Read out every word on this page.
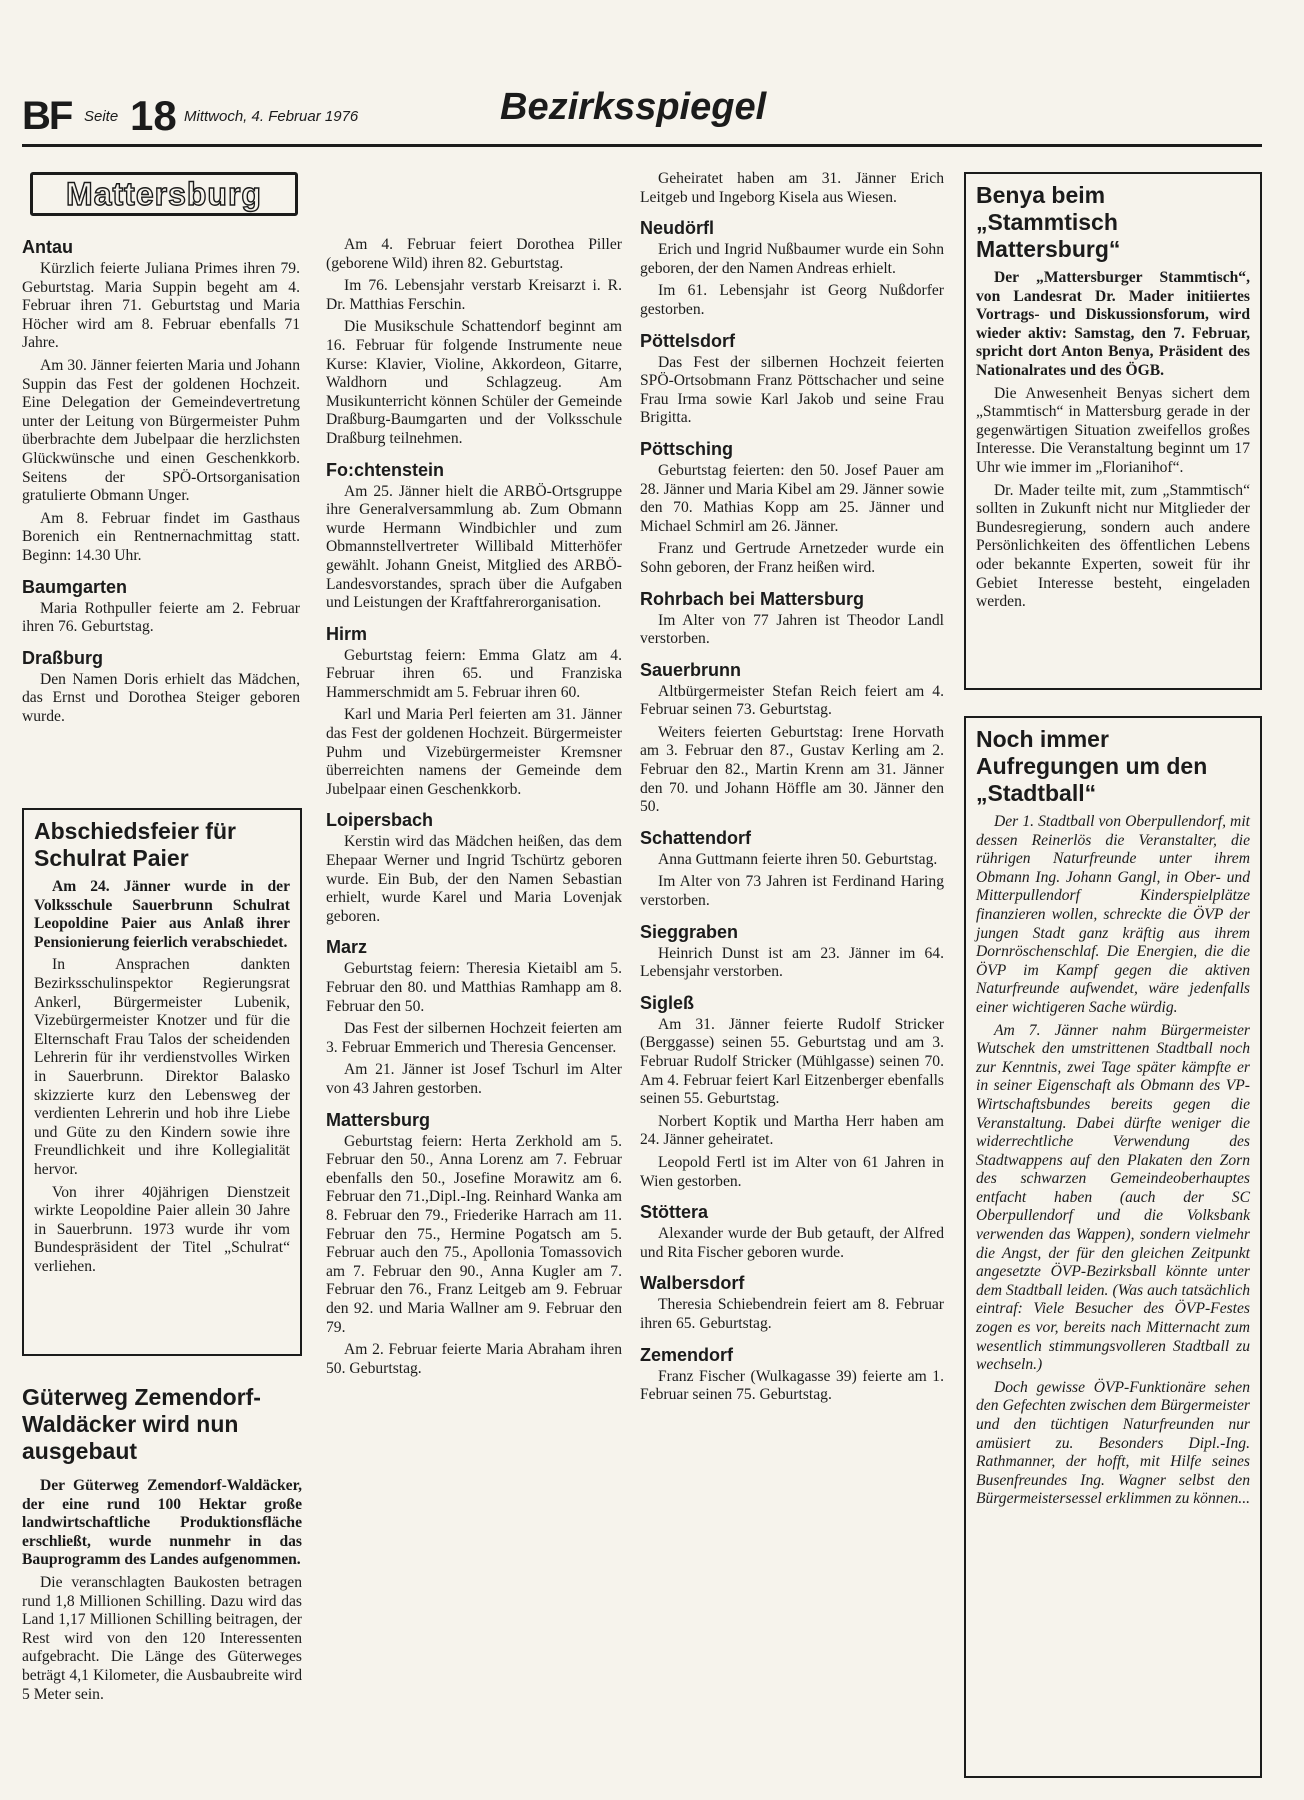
BF Seite 18 Mittwoch, 4. Februar 1976	Bezirksspiegel
Mattersburg
Antau

Kürzlich feierte Juliana Primes ihren 79. Geburtstag. Maria Suppin begeht am 4. Februar ihren 71. Geburtstag und Maria Höcher wird am 8. Februar ebenfalls 71 Jahre.

Am 30. Jänner feierten Maria und Johann Suppin das Fest der goldenen Hochzeit. Eine Delegation der Gemeindevertretung unter der Leitung von Bürgermeister Puhm überbrachte dem Jubelpaar die herzlichsten Glückwünsche und einen Geschenkkorb. Seitens der SPÖ-Ortsorganisation gratulierte Obmann Unger.

Am 8. Februar findet im Gasthaus Borenich ein Rentnernachmittag statt. Beginn: 14.30 Uhr.

Baumgarten

Maria Rothpuller feierte am 2. Februar ihren 76. Geburtstag.

Draßburg

Den Namen Doris erhielt das Mädchen, das Ernst und Dorothea Steiger geboren wurde.

Abschiedsfeier für Schulrat Paier

Am 24. Jänner wurde in der Volksschule Sauerbrunn Schulrat Leopoldine Paier aus Anlaß ihrer Pensionierung feierlich verabschiedet.

In Ansprachen dankten Bezirksschulinspektor Regierungsrat Ankerl, Bürgermeister Lubenik, Vizebürgermeister Knotzer und für die Elternschaft Frau Talos der scheidenden Lehrerin für ihr verdienstvolles Wirken in Sauerbrunn. Direktor Balasko skizzierte kurz den Lebensweg der verdienten Lehrerin und hob ihre Liebe und Güte zu den Kindern sowie ihre Freundlichkeit und ihre Kollegialität hervor.

Von ihrer 40jährigen Dienstzeit wirkte Leopoldine Paier allein 30 Jahre in Sauerbrunn. 1973 wurde ihr vom Bundespräsident der Titel „Schulrat“ verliehen.

Güterweg Zemendorf-Waldäcker wird nun ausgebaut

Der Güterweg Zemendorf-Waldäcker, der eine rund 100 Hektar große landwirtschaftliche Produktionsfläche erschließt, wurde nunmehr in das Bauprogramm des Landes aufgenommen.

Die veranschlagten Baukosten betragen rund 1,8 Millionen Schilling. Dazu wird das Land 1,17 Millionen Schilling beitragen, der Rest wird von den 120 Interessenten aufgebracht. Die Länge des Güterweges beträgt 4,1 Kilometer, die Ausbaubreite wird 5 Meter sein.

Am 4. Februar feiert Dorothea Piller (geborene Wild) ihren 82. Geburtstag.

Im 76. Lebensjahr verstarb Kreisarzt i. R. Dr. Matthias Ferschin.

Die Musikschule Schattendorf beginnt am 16. Februar für folgende Instrumente neue Kurse: Klavier, Violine, Akkordeon, Gitarre, Waldhorn und Schlagzeug. Am Musikunterricht können Schüler der Gemeinde Draßburg-Baumgarten und der Volksschule Draßburg teilnehmen.

Fo:chtenstein

Am 25. Jänner hielt die ARBÖ-Ortsgruppe ihre Generalversammlung ab. Zum Obmann wurde Hermann Windbichler und zum Obmannstellvertreter Willibald Mitterhöfer gewählt. Johann Gneist, Mitglied des ARBÖ-Landesvorstandes, sprach über die Aufgaben und Leistungen der Kraftfahrerorganisation.

Hirm

Geburtstag feiern: Emma Glatz am 4. Februar ihren 65. und Franziska Hammerschmidt am 5. Februar ihren 60.

Karl und Maria Perl feierten am 31. Jänner das Fest der goldenen Hochzeit. Bürgermeister Puhm und Vizebürgermeister Kremsner überreichten namens der Gemeinde dem Jubelpaar einen Geschenkkorb.

Loipersbach

Kerstin wird das Mädchen heißen, das dem Ehepaar Werner und Ingrid Tschürtz geboren wurde. Ein Bub, der den Namen Sebastian erhielt, wurde Karel und Maria Lovenjak geboren.

Marz

Geburtstag feiern: Theresia Kietaibl am 5. Februar den 80. und Matthias Ramhapp am 8. Februar den 50.

Das Fest der silbernen Hochzeit feierten am 3. Februar Emmerich und Theresia Gencenser.

Am 21. Jänner ist Josef Tschurl im Alter von 43 Jahren gestorben.

Mattersburg

Geburtstag feiern: Herta Zerkhold am 5. Februar den 50., Anna Lorenz am 7. Februar ebenfalls den 50., Josefine Morawitz am 6. Februar den 71.,Dipl.-Ing. Reinhard Wanka am 8. Februar den 79., Friederike Harrach am 11. Februar den 75., Hermine Pogatsch am 5. Februar auch den 75., Apollonia Tomassovich am 7. Februar den 90., Anna Kugler am 7. Februar den 76., Franz Leitgeb am 9. Februar den 92. und Maria Wallner am 9. Februar den 79.

Am 2. Februar feierte Maria Abraham ihren 50. Geburtstag.

Geheiratet haben am 31. Jänner Erich Leitgeb und Ingeborg Kisela aus Wiesen.

Neudörfl

Erich und Ingrid Nußbaumer wurde ein Sohn geboren, der den Namen Andreas erhielt.

Im 61. Lebensjahr ist Georg Nußdorfer gestorben.

Pöttelsdorf

Das Fest der silbernen Hochzeit feierten SPÖ-Ortsobmann Franz Pöttschacher und seine Frau Irma sowie Karl Jakob und seine Frau Brigitta.

Pöttsching

Geburtstag feierten: den 50. Josef Pauer am 28. Jänner und Maria Kibel am 29. Jänner sowie den 70. Mathias Kopp am 25. Jänner und Michael Schmirl am 26. Jänner.

Franz und Gertrude Arnetzeder wurde ein Sohn geboren, der Franz heißen wird.

Rohrbach bei Mattersburg

Im Alter von 77 Jahren ist Theodor Landl verstorben.

Sauerbrunn

Altbürgermeister Stefan Reich feiert am 4. Februar seinen 73. Geburtstag.

Weiters feierten Geburtstag: Irene Horvath am 3. Februar den 87., Gustav Kerling am 2. Februar den 82., Martin Krenn am 31. Jänner den 70. und Johann Höffle am 30. Jänner den 50.

Schattendorf

Anna Guttmann feierte ihren 50. Geburtstag.

Im Alter von 73 Jahren ist Ferdinand Haring verstorben.

Sieggraben

Heinrich Dunst ist am 23. Jänner im 64. Lebensjahr verstorben.

Sigleß

Am 31. Jänner feierte Rudolf Stricker (Berggasse) seinen 55. Geburtstag und am 3. Februar Rudolf Stricker (Mühlgasse) seinen 70. Am 4. Februar feiert Karl Eitzenberger ebenfalls seinen 55. Geburtstag.

Norbert Koptik und Martha Herr haben am 24. Jänner geheiratet.

Leopold Fertl ist im Alter von 61 Jahren in Wien gestorben.

Stöttera

Alexander wurde der Bub getauft, der Alfred und Rita Fischer geboren wurde.

Walbersdorf

Theresia Schiebendrein feiert am 8. Februar ihren 65. Geburtstag.

Zemendorf

Franz Fischer (Wulkagasse 39) feierte am 1. Februar seinen 75. Geburtstag.

Benya beim „Stammtisch Mattersburg“

Der „Mattersburger Stammtisch“, von Landesrat Dr. Mader initiiertes Vortrags- und Diskussionsforum, wird wieder aktiv: Samstag, den 7. Februar, spricht dort Anton Benya, Präsident des Nationalrates und des ÖGB.

Die Anwesenheit Benyas sichert dem „Stammtisch“ in Mattersburg gerade in der gegenwärtigen Situation zweifellos großes Interesse. Die Veranstaltung beginnt um 17 Uhr wie immer im „Florianihof“.

Dr. Mader teilte mit, zum „Stammtisch“ sollten in Zukunft nicht nur Mitglieder der Bundesregierung, sondern auch andere Persönlichkeiten des öffentlichen Lebens oder bekannte Experten, soweit für ihr Gebiet Interesse besteht, eingeladen werden.

Noch immer Aufregungen um den „Stadtball“

Der 1. Stadtball von Oberpullendorf, mit dessen Reinerlös die Veranstalter, die rührigen Naturfreunde unter ihrem Obmann Ing. Johann Gangl, in Ober- und Mitterpullendorf Kinderspielplätze finanzieren wollen, schreckte die ÖVP der jungen Stadt ganz kräftig aus ihrem Dornröschenschlaf. Die Energien, die die ÖVP im Kampf gegen die aktiven Naturfreunde aufwendet, wäre jedenfalls einer wichtigeren Sache würdig.

Am 7. Jänner nahm Bürgermeister Wutschek den umstrittenen Stadtball noch zur Kenntnis, zwei Tage später kämpfte er in seiner Eigenschaft als Obmann des VP-Wirtschaftsbundes bereits gegen die Veranstaltung. Dabei dürfte weniger die widerrechtliche Verwendung des Stadtwappens auf den Plakaten den Zorn des schwarzen Gemeindeoberhauptes entfacht haben (auch der SC Oberpullendorf und die Volksbank verwenden das Wappen), sondern vielmehr die Angst, der für den gleichen Zeitpunkt angesetzte ÖVP-Bezirksball könnte unter dem Stadtball leiden. (Was auch tatsächlich eintraf: Viele Besucher des ÖVP-Festes zogen es vor, bereits nach Mitternacht zum wesentlich stimmungsvolleren Stadtball zu wechseln.)

Doch gewisse ÖVP-Funktionäre sehen den Gefechten zwischen dem Bürgermeister und den tüchtigen Naturfreunden nur amüsiert zu. Besonders Dipl.-Ing. Rathmanner, der hofft, mit Hilfe seines Busenfreundes Ing. Wagner selbst den Bürgermeistersessel erklimmen zu können...
